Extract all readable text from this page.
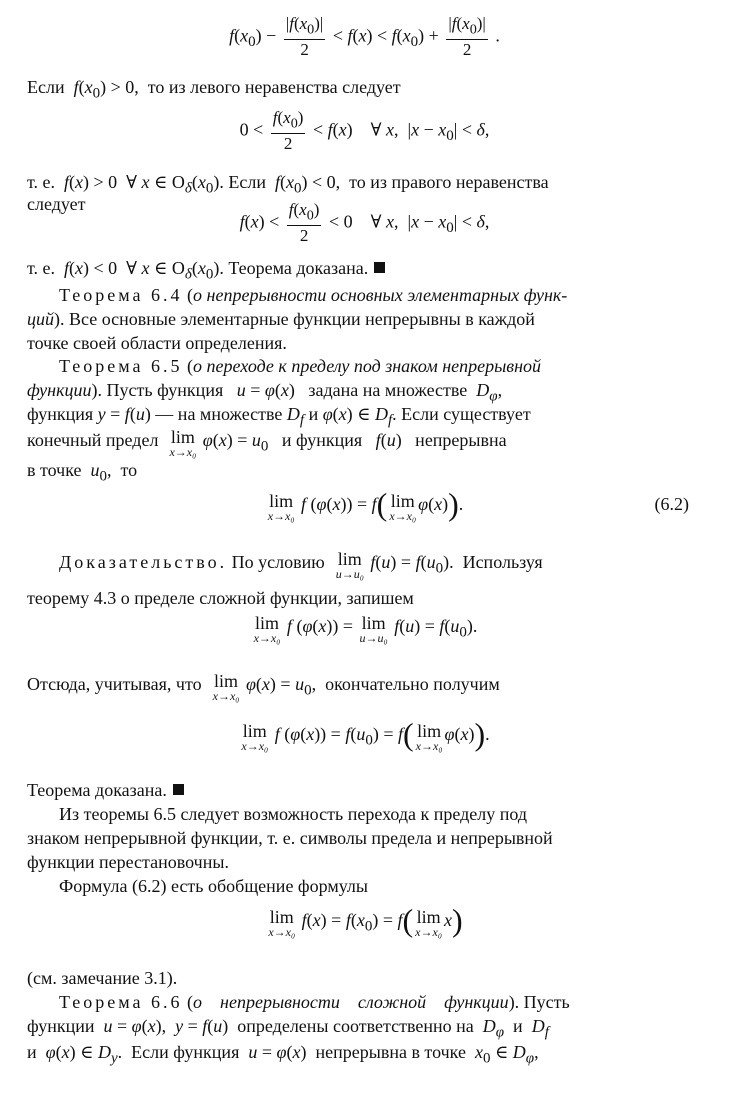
$f(x_0) - \frac{|f(x_0)|}{2} < f(x) < f(x_0) + \frac{|f(x_0)|}{2}$ .
Если  $f(x_0) > 0$,  то из левого неравенства следует
$0 < \frac{f(x_0)}{2} < f(x)$    ∀ x,  $|x - x_0| < \delta$,
т. е.  f(x) > 0  ∀ x ∈ $O_\delta(x_0)$. Если  $f(x_0) < 0$,  то из правого неравенства
следует
$f(x) < \frac{f(x_0)}{2} < 0$    ∀ x,  $|x - x_0| < \delta$,
т. е.  f(x) < 0  ∀ x ∈ $O_\delta(x_0)$. Теорема доказана.
Теорема 6.4 (о непрерывности основных элементарных функ-
ций). Все основные элементарные функции непрерывны в каждой
точке своей области определения.
Теорема 6.5 (о переходе к пределу под знаком непрерывной
функции). Пусть функция   u = φ(x)   задана на множестве  $D_\varphi$,
функция y = f(u) — на множестве $D_f$ и φ(x) ∈ $D_f$. Если существует
конечный предел  lim
x→x₀
$\varphi(x) = u_0$   и функция   f(u)   непрерывна
в точке  $u_0$,  то
lim
x→x₀
f (φ(x)) = f( lim
x→x₀
φ(x)).	(6.2)
Доказательство. По условию  lim
u→u₀
$f(u) = f(u_0)$.  Используя
теорему 4.3 о пределе сложной функции, запишем
lim
x→x₀
f (φ(x)) = lim
u→u₀
$f(u) = f(u_0)$.
Отсюда, учитывая, что  lim
x→x₀
$\varphi(x) = u_0$,  окончательно получим
lim
x→x₀
f $(\varphi(x)) = f(u_0) = f$( lim
x→x₀
φ(x)).
Теорема доказана.
Из теоремы 6.5 следует возможность перехода к пределу под
знаком непрерывной функции, т. е. символы предела и непрерывной
функции перестановочны.
Формула (6.2) есть обобщение формулы
lim
x→x₀
$f(x) = f(x_0) = f$( lim
x→x₀
x)
(см. замечание 3.1).
Теорема 6.6 (о    непрерывности    сложной    функции). Пусть
функции  u = φ(x),  y = f(u)  определены соответственно на  $D_\varphi$  и  $D_f$
и  φ(x) ∈ $D_y$.  Если функция  u = φ(x)  непрерывна в точке  $x_0$ ∈ $D_\varphi$,
